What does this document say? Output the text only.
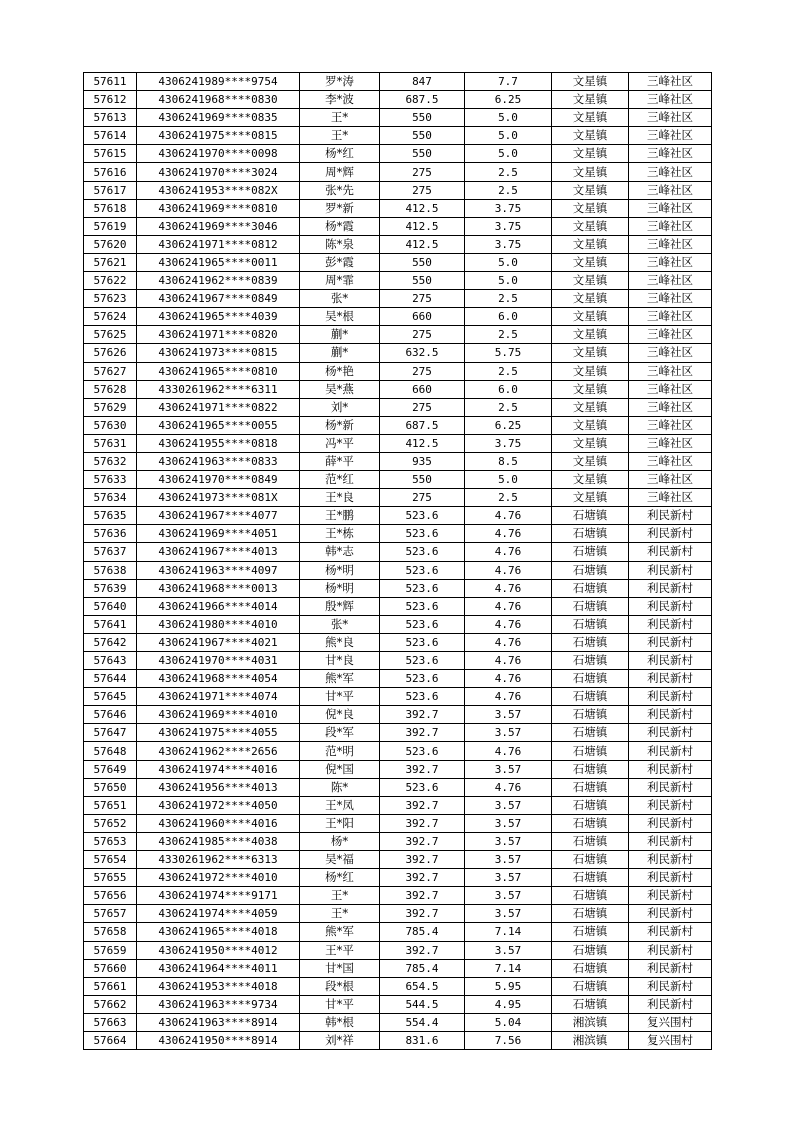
57611	4306241989****9754	罗*涛	847	7.7	文星镇	三峰社区
57612	4306241968****0830	李*波	687.5	6.25	文星镇	三峰社区
57613	4306241969****0835	王*	550	5.0	文星镇	三峰社区
57614	4306241975****0815	王*	550	5.0	文星镇	三峰社区
57615	4306241970****0098	杨*红	550	5.0	文星镇	三峰社区
57616	4306241970****3024	周*辉	275	2.5	文星镇	三峰社区
57617	4306241953****082X	张*先	275	2.5	文星镇	三峰社区
57618	4306241969****0810	罗*新	412.5	3.75	文星镇	三峰社区
57619	4306241969****3046	杨*霞	412.5	3.75	文星镇	三峰社区
57620	4306241971****0812	陈*泉	412.5	3.75	文星镇	三峰社区
57621	4306241965****0011	彭*霞	550	5.0	文星镇	三峰社区
57622	4306241962****0839	周*霏	550	5.0	文星镇	三峰社区
57623	4306241967****0849	张*	275	2.5	文星镇	三峰社区
57624	4306241965****4039	吴*根	660	6.0	文星镇	三峰社区
57625	4306241971****0820	蒯*	275	2.5	文星镇	三峰社区
57626	4306241973****0815	蒯*	632.5	5.75	文星镇	三峰社区
57627	4306241965****0810	杨*艳	275	2.5	文星镇	三峰社区
57628	4330261962****6311	吴*燕	660	6.0	文星镇	三峰社区
57629	4306241971****0822	刘*	275	2.5	文星镇	三峰社区
57630	4306241965****0055	杨*新	687.5	6.25	文星镇	三峰社区
57631	4306241955****0818	冯*平	412.5	3.75	文星镇	三峰社区
57632	4306241963****0833	薛*平	935	8.5	文星镇	三峰社区
57633	4306241970****0849	范*红	550	5.0	文星镇	三峰社区
57634	4306241973****081X	王*良	275	2.5	文星镇	三峰社区
57635	4306241967****4077	王*鹏	523.6	4.76	石塘镇	利民新村
57636	4306241969****4051	王*栋	523.6	4.76	石塘镇	利民新村
57637	4306241967****4013	韩*志	523.6	4.76	石塘镇	利民新村
57638	4306241963****4097	杨*明	523.6	4.76	石塘镇	利民新村
57639	4306241968****0013	杨*明	523.6	4.76	石塘镇	利民新村
57640	4306241966****4014	殷*辉	523.6	4.76	石塘镇	利民新村
57641	4306241980****4010	张*	523.6	4.76	石塘镇	利民新村
57642	4306241967****4021	熊*良	523.6	4.76	石塘镇	利民新村
57643	4306241970****4031	甘*良	523.6	4.76	石塘镇	利民新村
57644	4306241968****4054	熊*军	523.6	4.76	石塘镇	利民新村
57645	4306241971****4074	甘*平	523.6	4.76	石塘镇	利民新村
57646	4306241969****4010	倪*良	392.7	3.57	石塘镇	利民新村
57647	4306241975****4055	段*军	392.7	3.57	石塘镇	利民新村
57648	4306241962****2656	范*明	523.6	4.76	石塘镇	利民新村
57649	4306241974****4016	倪*国	392.7	3.57	石塘镇	利民新村
57650	4306241956****4013	陈*	523.6	4.76	石塘镇	利民新村
57651	4306241972****4050	王*凤	392.7	3.57	石塘镇	利民新村
57652	4306241960****4016	王*阳	392.7	3.57	石塘镇	利民新村
57653	4306241985****4038	杨*	392.7	3.57	石塘镇	利民新村
57654	4330261962****6313	吴*福	392.7	3.57	石塘镇	利民新村
57655	4306241972****4010	杨*红	392.7	3.57	石塘镇	利民新村
57656	4306241974****9171	王*	392.7	3.57	石塘镇	利民新村
57657	4306241974****4059	王*	392.7	3.57	石塘镇	利民新村
57658	4306241965****4018	熊*军	785.4	7.14	石塘镇	利民新村
57659	4306241950****4012	王*平	392.7	3.57	石塘镇	利民新村
57660	4306241964****4011	甘*国	785.4	7.14	石塘镇	利民新村
57661	4306241953****4018	段*根	654.5	5.95	石塘镇	利民新村
57662	4306241963****9734	甘*平	544.5	4.95	石塘镇	利民新村
57663	4306241963****8914	韩*根	554.4	5.04	湘滨镇	复兴围村
57664	4306241950****8914	刘*祥	831.6	7.56	湘滨镇	复兴围村
